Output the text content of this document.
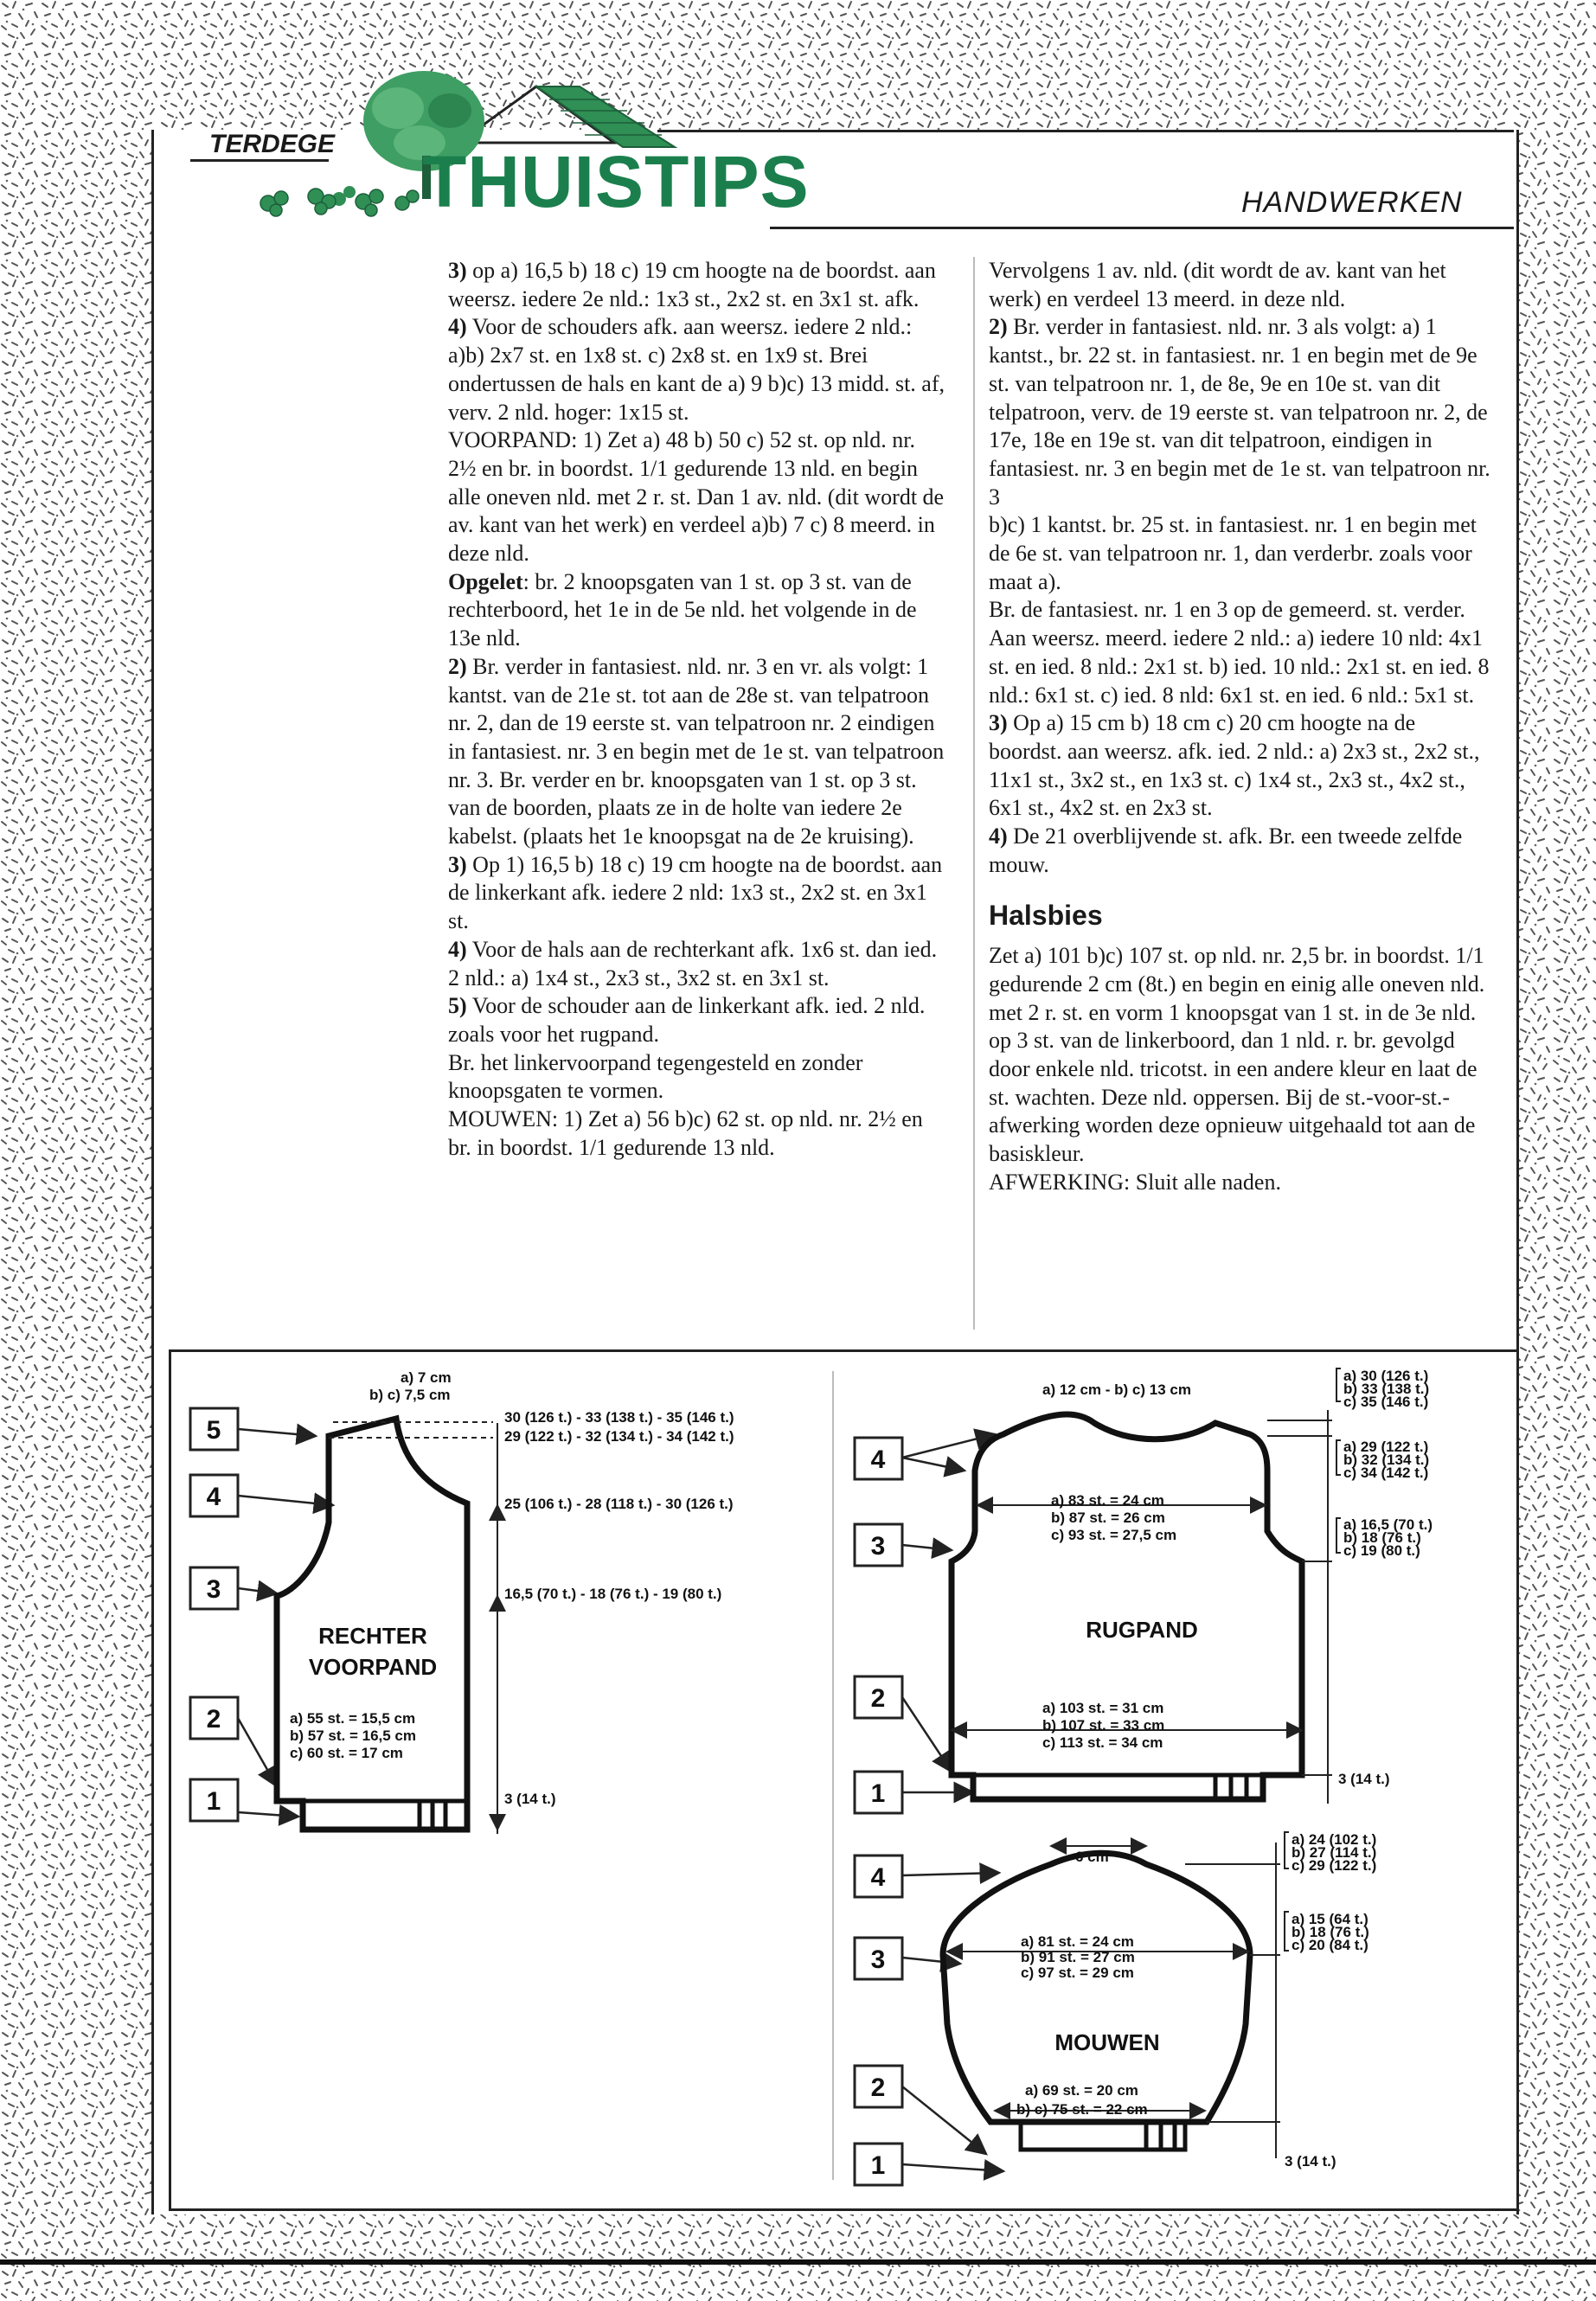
TERDEGE THUISTIPS	HANDWERKEN

3) op a) 16,5 b) 18 c) 19 cm hoogte na de boordst. aan weersz. iedere 2e nld.: 1x3 st., 2x2 st. en 3x1 st. afk.

4) Voor de schouders afk. aan weersz. iedere 2 nld.: a)b) 2x7 st. en 1x8 st. c) 2x8 st. en 1x9 st. Brei ondertussen de hals en kant de a) 9 b)c) 13 midd. st. af, verv. 2 nld. hoger: 1x15 st.

VOORPAND: 1) Zet a) 48 b) 50 c) 52 st. op nld. nr. 2½ en br. in boordst. 1/1 gedurende 13 nld. en begin alle oneven nld. met 2 r. st. Dan 1 av. nld. (dit wordt de av. kant van het werk) en verdeel a)b) 7 c) 8 meerd. in deze nld.

Opgelet: br. 2 knoopsgaten van 1 st. op 3 st. van de rechterboord, het 1e in de 5e nld. het volgende in de 13e nld.

2) Br. verder in fantasiest. nld. nr. 3 en vr. als volgt: 1 kantst. van de 21e st. tot aan de 28e st. van telpatroon nr. 2, dan de 19 eerste st. van telpatroon nr. 2 eindigen in fantasiest. nr. 3 en begin met de 1e st. van telpatroon nr. 3. Br. verder en br. knoopsgaten van 1 st. op 3 st. van de boorden, plaats ze in de holte van iedere 2e kabelst. (plaats het 1e knoopsgat na de 2e kruising).

3) Op 1) 16,5 b) 18 c) 19 cm hoogte na de boordst. aan de linkerkant afk. iedere 2 nld: 1x3 st., 2x2 st. en 3x1 st.

4) Voor de hals aan de rechterkant afk. 1x6 st. dan ied. 2 nld.: a) 1x4 st., 2x3 st., 3x2 st. en 3x1 st.

5) Voor de schouder aan de linkerkant afk. ied. 2 nld. zoals voor het rugpand.

Br. het linkervoorpand tegengesteld en zonder knoopsgaten te vormen.

MOUWEN: 1) Zet a) 56 b)c) 62 st. op nld. nr. 2½ en br. in boordst. 1/1 gedurende 13 nld.

Vervolgens 1 av. nld. (dit wordt de av. kant van het werk) en verdeel 13 meerd. in deze nld.

2) Br. verder in fantasiest. nld. nr. 3 als volgt: a) 1 kantst., br. 22 st. in fantasiest. nr. 1 en begin met de 9e st. van telpatroon nr. 1, de 8e, 9e en 10e st. van dit telpatroon, verv. de 19 eerste st. van telpatroon nr. 2, de 17e, 18e en 19e st. van dit telpatroon, eindigen in fantasiest. nr. 3 en begin met de 1e st. van telpatroon nr. 3

b)c) 1 kantst. br. 25 st. in fantasiest. nr. 1 en begin met de 6e st. van telpatroon nr. 1, dan verderbr. zoals voor maat a).

Br. de fantasiest. nr. 1 en 3 op de gemeerd. st. verder. Aan weersz. meerd. iedere 2 nld.: a) iedere 10 nld: 4x1 st. en ied. 8 nld.: 2x1 st. b) ied. 10 nld.: 2x1 st. en ied. 8 nld.: 6x1 st. c) ied. 8 nld: 6x1 st. en ied. 6 nld.: 5x1 st.

3) Op a) 15 cm b) 18 cm c) 20 cm hoogte na de boordst. aan weersz. afk. ied. 2 nld.: a) 2x3 st., 2x2 st., 11x1 st., 3x2 st., en 1x3 st. c) 1x4 st., 2x3 st., 4x2 st., 6x1 st., 4x2 st. en 2x3 st.

4) De 21 overblijvende st. afk. Br. een tweede zelfde mouw.

Halsbies

Zet a) 101 b)c) 107 st. op nld. nr. 2,5 br. in boordst. 1/1 gedurende 2 cm (8t.) en begin en einig alle oneven nld. met 2 r. st. en vorm 1 knoopsgat van 1 st. in de 3e nld. op 3 st. van de linkerboord, dan 1 nld. r. br. gevolgd door enkele nld. tricotst. in een andere kleur en laat de st. wachten. Deze nld. oppersen. Bij de st.-voor-st.-afwerking worden deze opnieuw uitgehaald tot aan de basiskleur.

AFWERKING: Sluit alle naden.

5
4
3
2
1
a) 7 cm
b) c) 7,5 cm
30 (126 t.) - 33 (138 t.) - 35 (146 t.)
29 (122 t.) - 32 (134 t.) - 34 (142 t.)
25 (106 t.) - 28 (118 t.) - 30 (126 t.)
16,5 (70 t.) - 18 (76 t.) - 19 (80 t.)
3 (14 t.)
a) 55 st. = 15,5 cm
b) 57 st. = 16,5 cm
c) 60 st. = 17 cm
RECHTER
VOORPAND
4
3
2
1
a) 12 cm - b) c) 13 cm
a) 83 st. = 24 cm
b) 87 st. = 26 cm
c) 93 st. = 27,5 cm
a) 103 st. = 31 cm
b) 107 st. = 33 cm
c) 113 st. = 34 cm
a) 30 (126 t.)
b) 33 (138 t.)
c) 35 (146 t.)
a) 29 (122 t.)
b) 32 (134 t.)
c) 34 (142 t.)
a) 16,5 (70 t.)
b) 18 (76 t.)
c) 19 (80 t.)
3 (14 t.)
RUGPAND
4
3
2
1
6 cm
a) 81 st. = 24 cm
b) 91 st. = 27 cm
c) 97 st. = 29 cm
a) 69 st. = 20 cm
b) c) 75 st. = 22 cm
a) 24 (102 t.)
b) 27 (114 t.)
c) 29 (122 t.)
a) 15 (64 t.)
b) 18 (76 t.)
c) 20 (84 t.)
3 (14 t.)
MOUWEN
